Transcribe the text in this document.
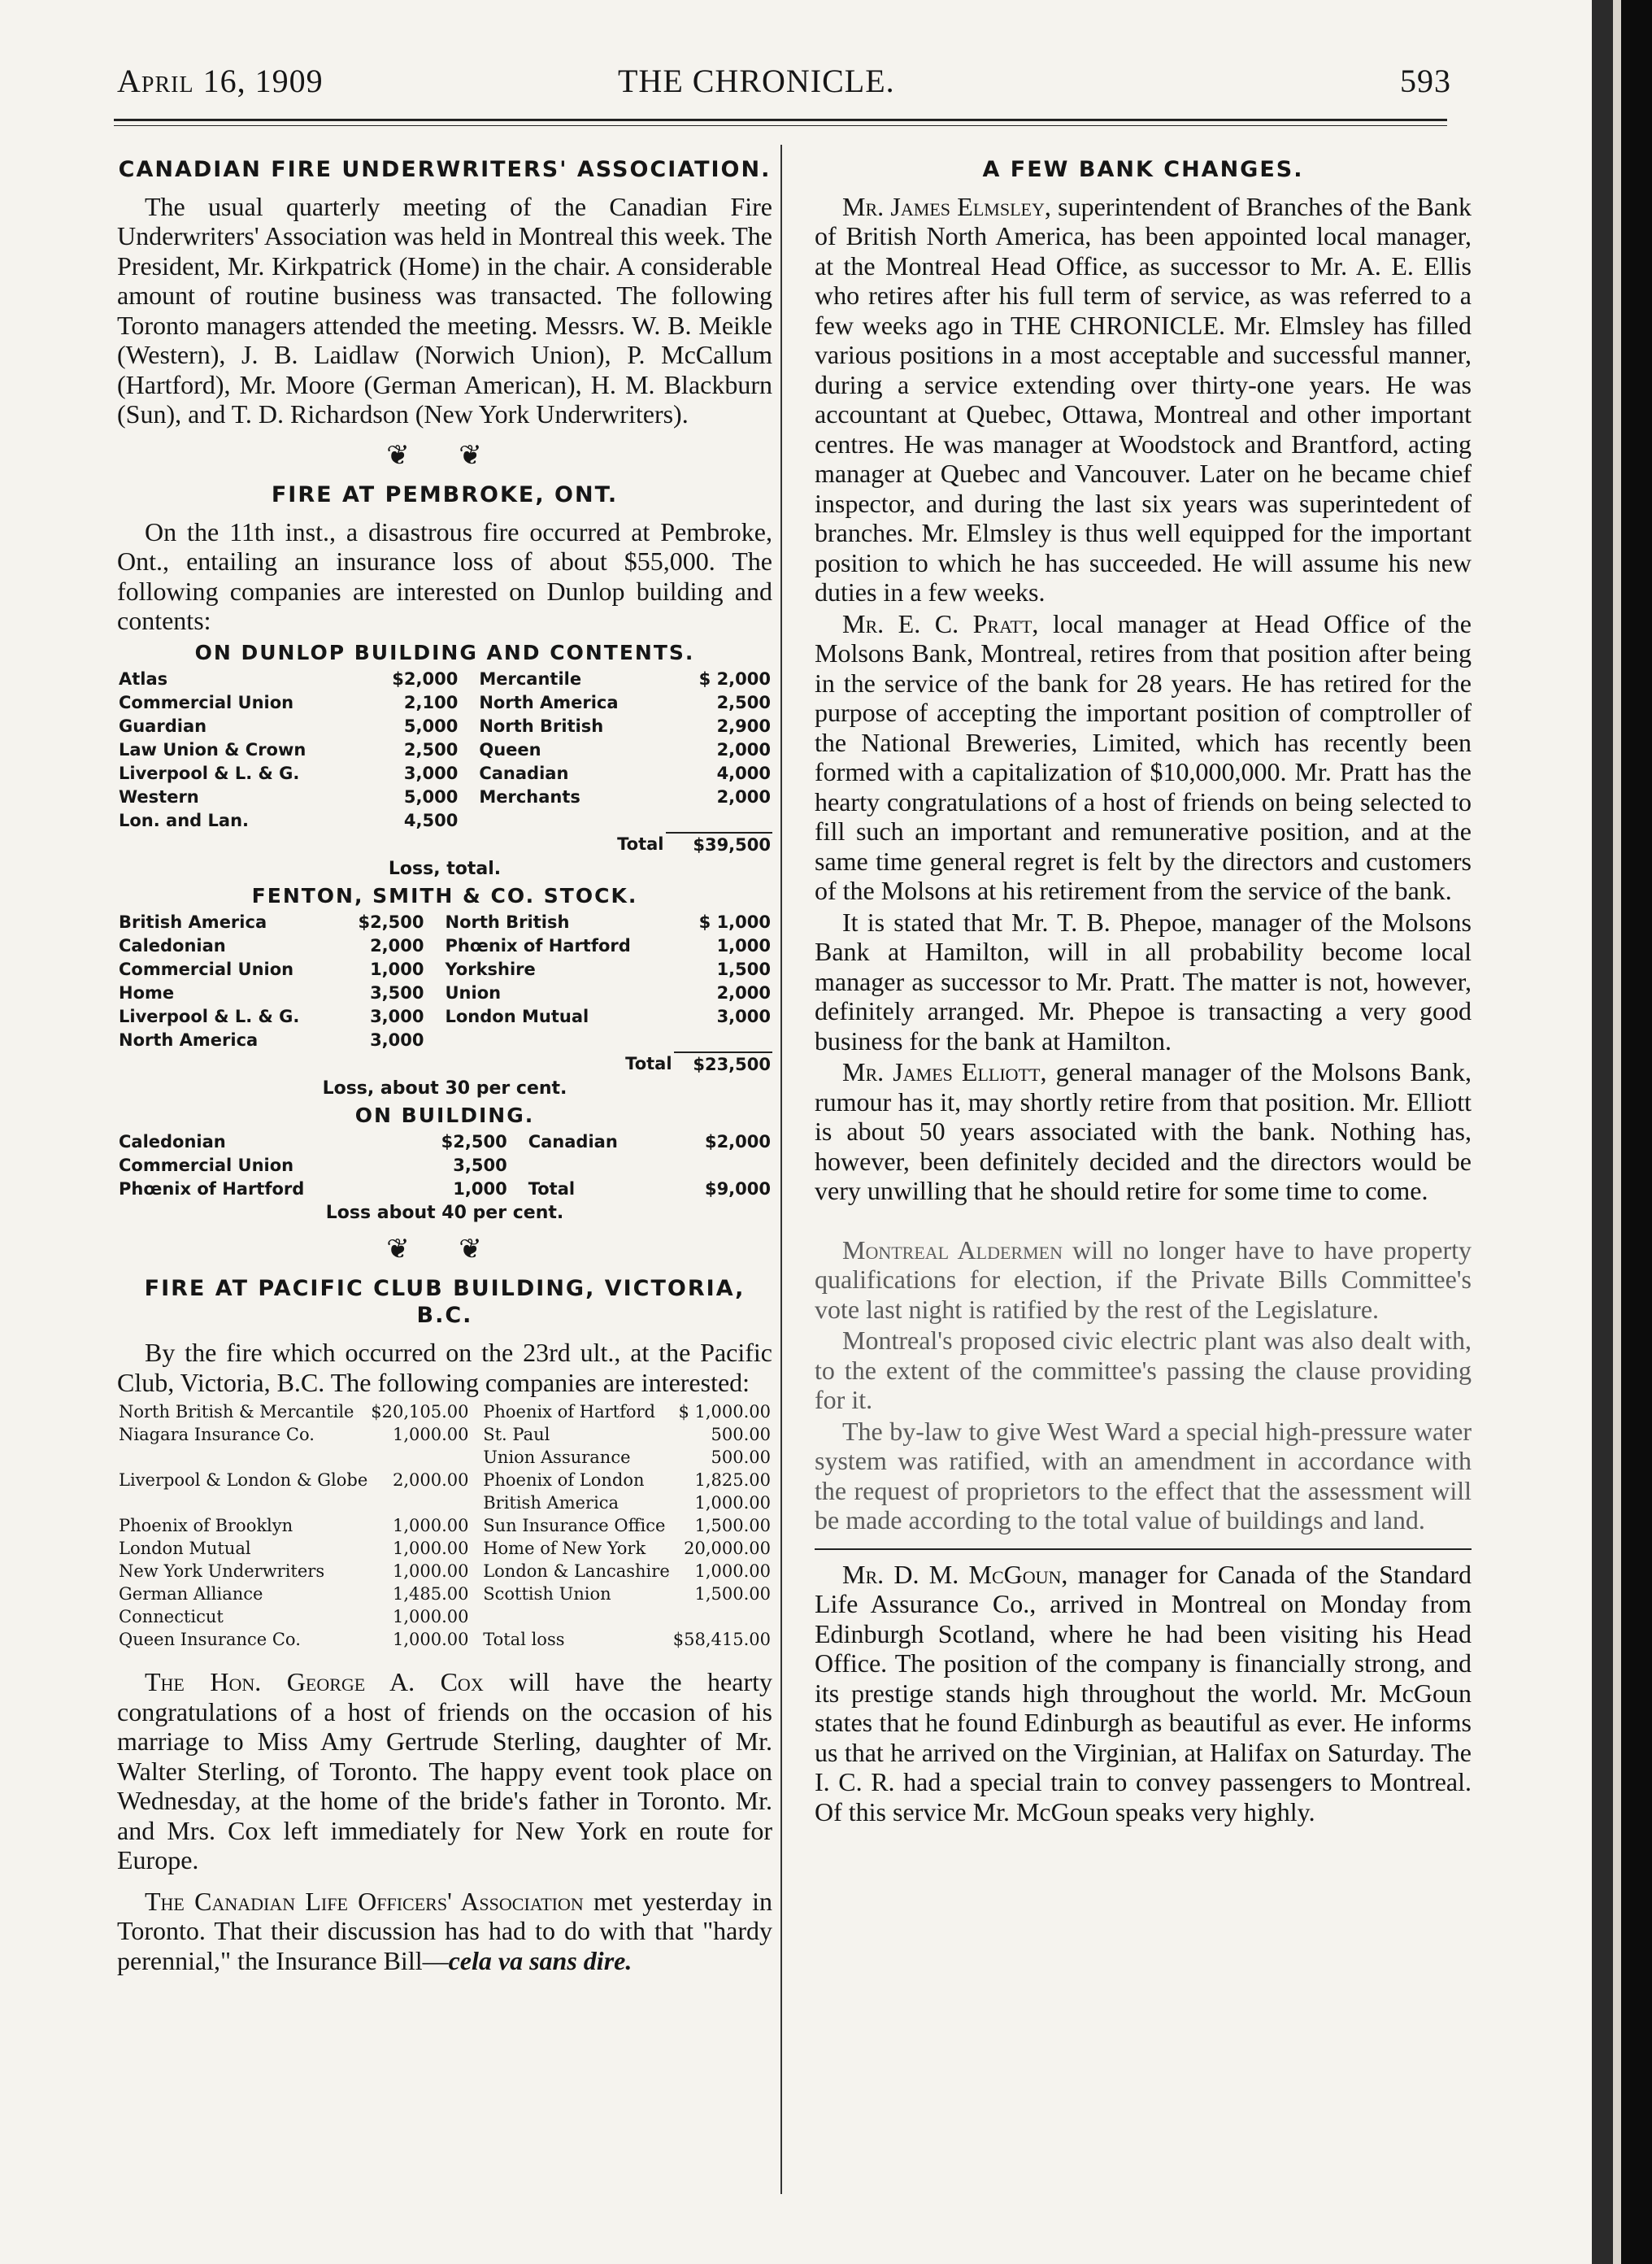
April 16, 1909	THE CHRONICLE.	593
CANADIAN FIRE UNDERWRITERS' ASSOCIATION.

The usual quarterly meeting of the Canadian Fire Underwriters' Association was held in Montreal this week. The President, Mr. Kirkpatrick (Home) in the chair. A considerable amount of routine business was transacted. The following Toronto managers attended the meeting. Messrs. W. B. Meikle (Western), J. B. Laidlaw (Norwich Union), P. McCallum (Hartford), Mr. Moore (German American), H. M. Blackburn (Sun), and T. D. Richardson (New York Underwriters).

❦ ❦
FIRE AT PEMBROKE, ONT.

On the 11th inst., a disastrous fire occurred at Pembroke, Ont., entailing an insurance loss of about $55,000. The following companies are interested on Dunlop building and contents:

ON DUNLOP BUILDING AND CONTENTS.
Atlas	$2,000		Mercantile	$ 2,000
Commercial Union	2,100		North America	2,500
Guardian	5,000		North British	2,900
Law Union & Crown	2,500		Queen	2,000
Liverpool & L. & G.	3,000		Canadian	4,000
Western	5,000		Merchants	2,000
Lon. and Lan.	4,500			
			Total	$39,500
Loss, total.
FENTON, SMITH & CO. STOCK.
British America	$2,500		North British	$ 1,000
Caledonian	2,000		Phœnix of Hartford	1,000
Commercial Union	1,000		Yorkshire	1,500
Home	3,500		Union	2,000
Liverpool & L. & G.	3,000		London Mutual	3,000
North America	3,000			
			Total	$23,500
Loss, about 30 per cent.
ON BUILDING.
Caledonian	$2,500		Canadian	$2,000
Commercial Union	3,500			
Phœnix of Hartford	1,000		Total	$9,000
Loss about 40 per cent.
❦ ❦
FIRE AT PACIFIC CLUB BUILDING, VICTORIA, B.C.

By the fire which occurred on the 23rd ult., at the Pacific Club, Victoria, B.C. The following companies are interested:

North British & Mercantile	$20,105.00		Phoenix of Hartford	$ 1,000.00
Niagara Insurance Co.	1,000.00		St. Paul	500.00
			Union Assurance	500.00
Liverpool & London & Globe	2,000.00		Phoenix of London	1,825.00
			British America	1,000.00
Phoenix of Brooklyn	1,000.00		Sun Insurance Office	1,500.00
London Mutual	1,000.00		Home of New York	20,000.00
New York Underwriters	1,000.00		London & Lancashire	1,000.00
German Alliance	1,485.00		Scottish Union	1,500.00
Connecticut	1,000.00			
Queen Insurance Co.	1,000.00		Total loss	$58,415.00

The Hon. George A. Cox will have the hearty congratulations of a host of friends on the occasion of his marriage to Miss Amy Gertrude Sterling, daughter of Mr. Walter Sterling, of Toronto. The happy event took place on Wednesday, at the home of the bride's father in Toronto. Mr. and Mrs. Cox left immediately for New York en route for Europe.

The Canadian Life Officers' Association met yesterday in Toronto. That their discussion has had to do with that "hardy perennial," the Insurance Bill—cela va sans dire.

A FEW BANK CHANGES.

Mr. James Elmsley, superintendent of Branches of the Bank of British North America, has been appointed local manager, at the Montreal Head Office, as successor to Mr. A. E. Ellis who retires after his full term of service, as was referred to a few weeks ago in THE CHRONICLE. Mr. Elmsley has filled various positions in a most acceptable and successful manner, during a service extending over thirty-one years. He was accountant at Quebec, Ottawa, Montreal and other important centres. He was manager at Woodstock and Brantford, acting manager at Quebec and Vancouver. Later on he became chief inspector, and during the last six years was superintedent of branches. Mr. Elmsley is thus well equipped for the important position to which he has succeeded. He will assume his new duties in a few weeks.

Mr. E. C. Pratt, local manager at Head Office of the Molsons Bank, Montreal, retires from that position after being in the service of the bank for 28 years. He has retired for the purpose of accepting the important position of comptroller of the National Breweries, Limited, which has recently been formed with a capitalization of $10,000,000. Mr. Pratt has the hearty congratulations of a host of friends on being selected to fill such an important and remunerative position, and at the same time general regret is felt by the directors and customers of the Molsons at his retirement from the service of the bank.

It is stated that Mr. T. B. Phepoe, manager of the Molsons Bank at Hamilton, will in all probability become local manager as successor to Mr. Pratt. The matter is not, however, definitely arranged. Mr. Phepoe is transacting a very good business for the bank at Hamilton.

Mr. James Elliott, general manager of the Molsons Bank, rumour has it, may shortly retire from that position. Mr. Elliott is about 50 years associated with the bank. Nothing has, however, been definitely decided and the directors would be very unwilling that he should retire for some time to come.

Montreal Aldermen will no longer have to have property qualifications for election, if the Private Bills Committee's vote last night is ratified by the rest of the Legislature.

Montreal's proposed civic electric plant was also dealt with, to the extent of the committee's passing the clause providing for it.

The by-law to give West Ward a special high-pressure water system was ratified, with an amendment in accordance with the request of proprietors to the effect that the assessment will be made according to the total value of buildings and land.

Mr. D. M. McGoun, manager for Canada of the Standard Life Assurance Co., arrived in Montreal on Monday from Edinburgh Scotland, where he had been visiting his Head Office. The position of the company is financially strong, and its prestige stands high throughout the world. Mr. McGoun states that he found Edinburgh as beautiful as ever. He informs us that he arrived on the Virginian, at Halifax on Saturday. The I. C. R. had a special train to convey passengers to Montreal. Of this service Mr. McGoun speaks very highly.
